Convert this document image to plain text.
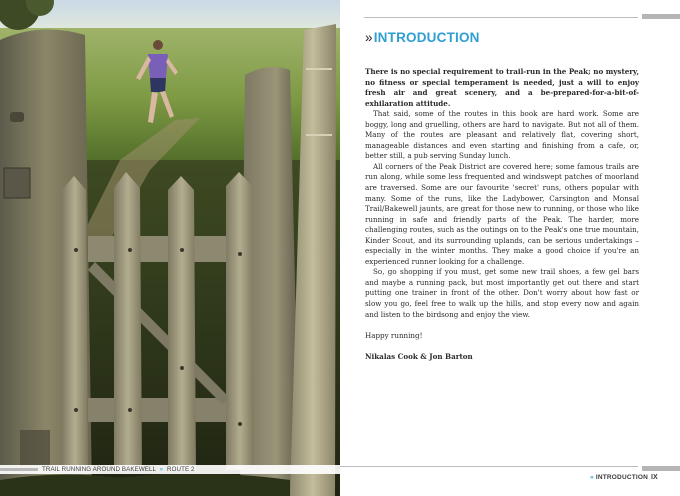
TRAIL RUNNING AROUND BAKEWELL » ROUTE 2
»INTRODUCTION

There is no special requirement to trail-run in the Peak; no mystery, no fitness or special temperament is needed, just a will to enjoy fresh air and great scenery, and a be-prepared-for-a-bit-of-exhilaration attitude.

That said, some of the routes in this book are hard work. Some are boggy, long and gruelling, others are hard to navigate. But not all of them. Many of the routes are pleasant and relatively flat, covering short, manageable distances and even starting and finishing from a cafe, or, better still, a pub serving Sunday lunch.

All corners of the Peak District are covered here; some famous trails are run along, while some less frequented and windswept patches of moorland are traversed. Some are our favourite 'secret' runs, others popular with many. Some of the runs, like the Ladybower, Carsington and Monsal Trail/Bakewell jaunts, are great for those new to running, or those who like running in safe and friendly parts of the Peak. The harder, more challenging routes, such as the outings on to the Peak's one true mountain, Kinder Scout, and its surrounding uplands, can be serious undertakings – especially in the winter months. They make a good choice if you're an experienced runner looking for a challenge.

So, go shopping if you must, get some new trail shoes, a few gel bars and maybe a running pack, but most importantly get out there and start putting one trainer in front of the other. Don't worry about how fast or slow you go, feel free to walk up the hills, and stop every now and again and listen to the birdsong and enjoy the view.

Happy running!

Nikalas Cook & Jon Barton

» INTRODUCTION IX
